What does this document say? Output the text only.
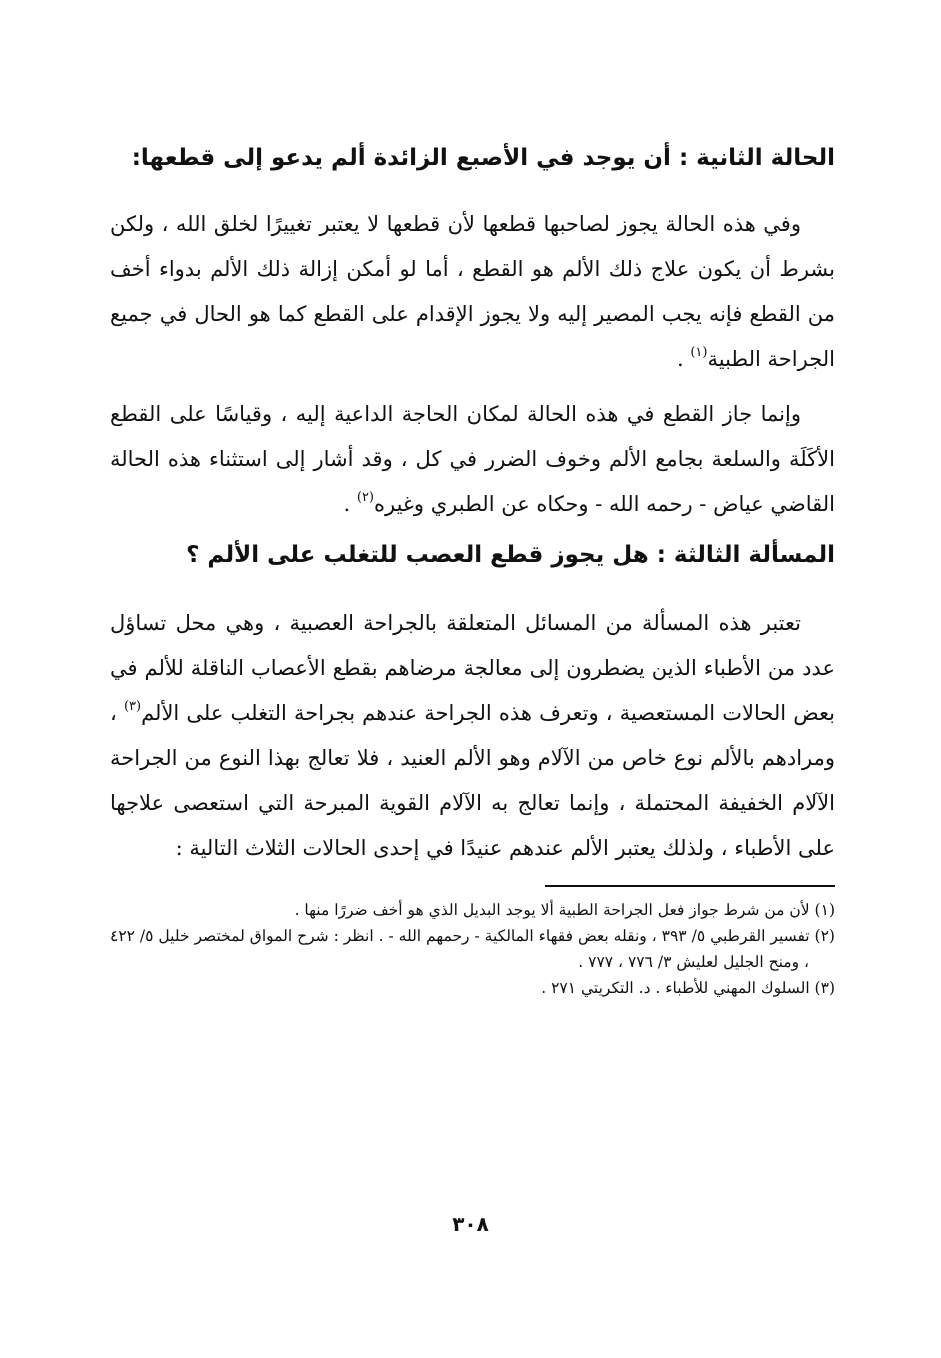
الحالة الثانية : أن يوجد في الأصبع الزائدة ألم يدعو إلى قطعها:

وفي هذه الحالة يجوز لصاحبها قطعها لأن قطعها لا يعتبر تغييرًا لخلق الله ، ولكن بشرط أن يكون علاج ذلك الألم هو القطع ، أما لو أمكن إزالة ذلك الألم بدواء أخف من القطع فإنه يجب المصير إليه ولا يجوز الإقدام على القطع كما هو الحال في جميع الجراحة الطبية$^{(١)}$ .

وإنما جاز القطع في هذه الحالة لمكان الحاجة الداعية إليه ، وقياسًا على القطع الأكَلَة والسلعة بجامع الألم وخوف الضرر في كل ، وقد أشار إلى استثناء هذه الحالة القاضي عياض - رحمه الله - وحكاه عن الطبري وغيره$^{(٢)}$ .

المسألة الثالثة : هل يجوز قطع العصب للتغلب على الألم ؟

تعتبر هذه المسألة من المسائل المتعلقة بالجراحة العصبية ، وهي محل تساؤل عدد من الأطباء الذين يضطرون إلى معالجة مرضاهم بقطع الأعصاب الناقلة للألم في بعض الحالات المستعصية ، وتعرف هذه الجراحة عندهم بجراحة التغلب على الألم$^{(٣)}$ ، ومرادهم بالألم نوع خاص من الآلام وهو الألم العنيد ، فلا تعالج بهذا النوع من الجراحة الآلام الخفيفة المحتملة ، وإنما تعالج به الآلام القوية المبرحة التي استعصى علاجها على الأطباء ، ولذلك يعتبر الألم عندهم عنيدًا في إحدى الحالات الثلاث التالية :

(١) لأن من شرط جواز فعل الجراحة الطبية ألا يوجد البديل الذي هو أخف ضررًا منها .

(٢) تفسير القرطبي ٥/ ٣٩٣ ، ونقله بعض فقهاء المالكية - رحمهم الله - . انظر : شرح المواق لمختصر خليل ٥/ ٤٢٢ ، ومنح الجليل لعليش ٣/ ٧٧٦ ، ٧٧٧ .

(٣) السلوك المهني للأطباء . د. التكريتي ٢٧١ .

٣٠٨
